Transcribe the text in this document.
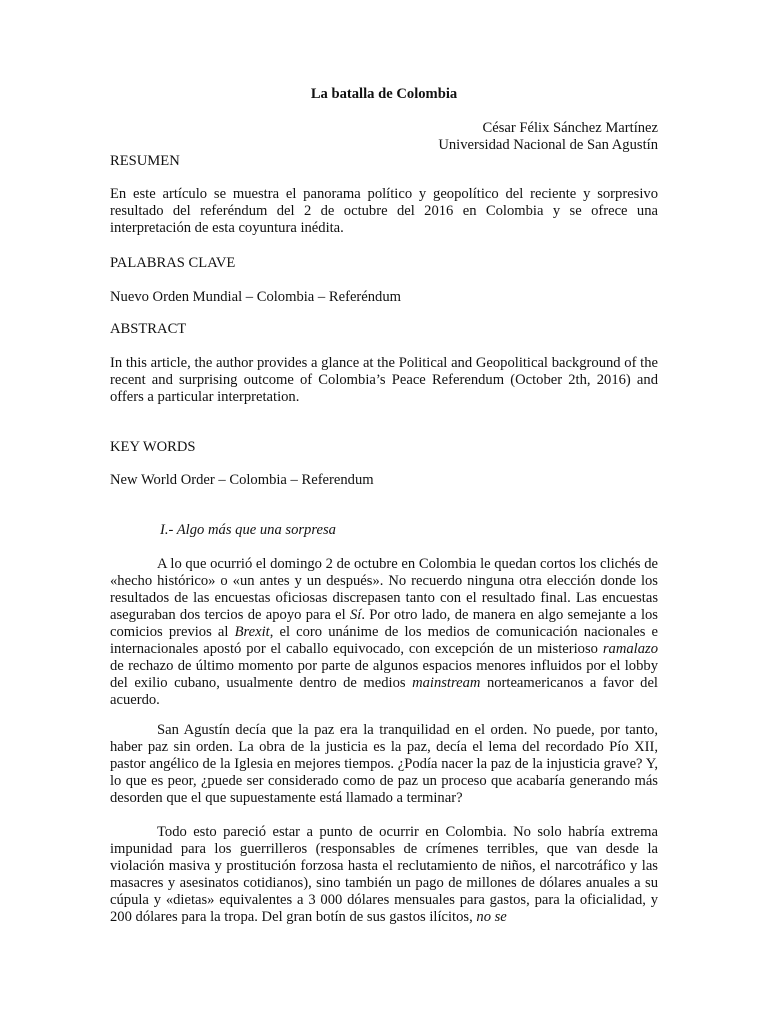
La batalla de Colombia
César Félix Sánchez Martínez
Universidad Nacional de San Agustín
RESUMEN

En este artículo se muestra el panorama político y geopolítico del reciente y sorpresivo resultado del referéndum del 2 de octubre del 2016 en Colombia y se ofrece una interpretación de esta coyuntura inédita.

PALABRAS CLAVE
Nuevo Orden Mundial – Colombia – Referéndum
ABSTRACT

In this article, the author provides a glance at the Political and Geopolitical background of the recent and surprising outcome of Colombia’s Peace Referendum (October 2th, 2016) and offers a particular interpretation.

KEY WORDS
New World Order – Colombia – Referendum
I.- Algo más que una sorpresa

A lo que ocurrió el domingo 2 de octubre en Colombia le quedan cortos los clichés de «hecho histórico» o «un antes y un después». No recuerdo ninguna otra elección donde los resultados de las encuestas oficiosas discrepasen tanto con el resultado final. Las encuestas aseguraban dos tercios de apoyo para el Sí. Por otro lado, de manera en algo semejante a los comicios previos al Brexit, el coro unánime de los medios de comunicación nacionales e internacionales apostó por el caballo equivocado, con excepción de un misterioso ramalazo de rechazo de último momento por parte de algunos espacios menores influidos por el lobby del exilio cubano, usualmente dentro de medios mainstream norteamericanos a favor del acuerdo.

San Agustín decía que la paz era la tranquilidad en el orden. No puede, por tanto, haber paz sin orden. La obra de la justicia es la paz, decía el lema del recordado Pío XII, pastor angélico de la Iglesia en mejores tiempos. ¿Podía nacer la paz de la injusticia grave? Y, lo que es peor, ¿puede ser considerado como de paz un proceso que acabaría generando más desorden que el que supuestamente está llamado a terminar?

Todo esto pareció estar a punto de ocurrir en Colombia. No solo habría extrema impunidad para los guerrilleros (responsables de crímenes terribles, que van desde la violación masiva y prostitución forzosa hasta el reclutamiento de niños, el narcotráfico y las masacres y asesinatos cotidianos), sino también un pago de millones de dólares anuales a su cúpula y «dietas» equivalentes a 3 000 dólares mensuales para gastos, para la oficialidad, y 200 dólares para la tropa. Del gran botín de sus gastos ilícitos, no se
